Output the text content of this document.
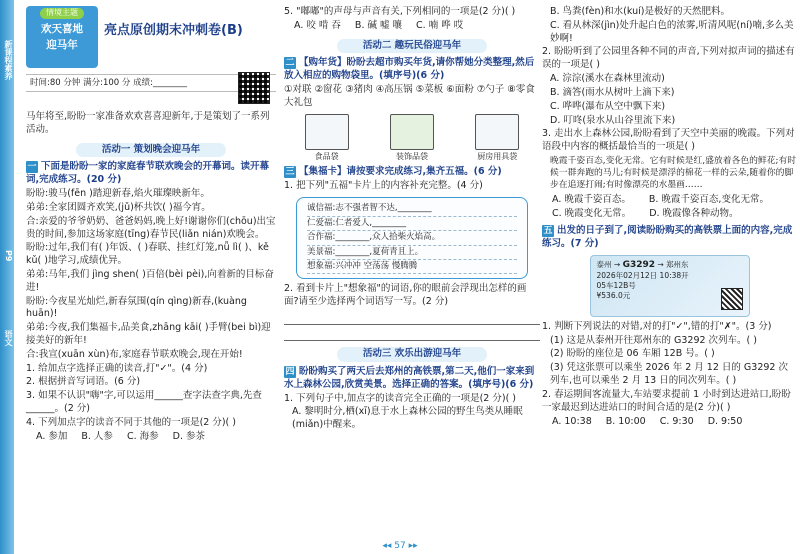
新课程素养
P9
语文
情境主题
欢天喜地
迎马年
亮点原创期末冲刺卷(B)
时间:80 分钟 满分:100 分 成绩:________

马年将至,盼盼一家准备欢欢喜喜迎新年,于是策划了一系列活动。

活动一 策划晚会迎马年
一 下面是盼盼一家的家庭春节联欢晚会的开幕词。读开幕词,完成练习。(20 分)

盼盼:骏马(fēn )踏迎新春,焰火璀璨映新年。

弟弟:全家团圆齐欢笑,(jǔ)杯共饮( )福今宵。

合:亲爱的爷爷奶奶、爸爸妈妈,晚上好!谢谢你们(chōu)出宝贵的时间,参加这场家庭(tīng)春节民(liǎn nián)欢晚会。

盼盼:过年,我们有( )年饭、( )春联、挂红灯笼,nǚ lì( )、kě kǔ( )地学习,成绩优异。

弟弟:马年,我们 jìng shen( )百倍(bèi pèi),向着新的目标奋进!

盼盼:今夜星光灿烂,新春氛围(qín qìng)新春,(kuàng huān)!

弟弟:今夜,我们集福卡,品美食,zhāng kāi( )手臂(bei bì)迎接美好的新年!

合:我宣(xuān xùn)布,家庭春节联欢晚会,现在开始!

1. 给加点字选择正确的读音,打"✓"。(4 分)

2. 根据拼音写词语。(6 分)

3. 如果不认识"嗨"字,可以运用______查字法查字典,先查______。(2 分)

4. 下列加点字的读音不同于其他的一项是(2 分)( )

A. 参加 B. 人参 C. 海参 D. 参茶

5. "嘟嘟"的声母与声音有关,下列相同的一项是(2 分)( )

A. 咬 啃 吞 B. 碱 嘘 嚷 C. 喃 哗 哎
活动二 趣玩民俗迎马年
二 【购年货】盼盼去超市购买年货,请你帮她分类整理,然后放入相应的购物袋里。(填序号)(6 分)

①对联 ②窗花 ③猪肉 ④高压锅 ⑤菜板 ⑥面粉 ⑦勺子 ⑧零食大礼包

食品袋	装饰品袋	厨房用具袋
三 【集福卡】请按要求完成练习,集齐五福。(6 分)

1. 把下列"五福"卡片上的内容补充完整。(4 分)

诚信福:志不强者智不达,________
仁爱福:仁者爱人,________
合作福:________,众人拾柴火焰高。
美景福:________,夏荷青且上。
想象福:兴冲冲 空荡荡 慢腾腾

2. 看到卡片上"想象福"的词语,你的眼前会浮现出怎样的画面?请至少选择两个词语写一写。(2 分)

活动三 欢乐出游迎马年
四 盼盼购买了两天后去郑州的高铁票,第二天,他们一家来到水上森林公园,欣赏美景。选择正确的答案。(填序号)(6 分)

1. 下列句子中,加点字的读音完全正确的一项是(2 分)( )

A. 黎明时分,栖(xī)息于水上森林公园的野生鸟类从睡眠(miǎn)中醒来。

B. 鸟粪(fèn)和水(kuí)是极好的天然肥料。

C. 看从林深(jìn)处升起白色的浓雾,听清风呢(ní)喃,多么美妙啊!

2. 盼盼听到了公园里各种不同的声音,下列对拟声词的描述有误的一项是( )

A. 淙淙(溪水在森林里流动)

B. 滴答(雨水从树叶上滴下来)

C. 哗哗(瀑布从空中飘下来)

D. 叮咚(泉水从山谷里流下来)

3. 走出水上森林公园,盼盼看到了天空中美丽的晚霞。下列对语段中内容的概括最恰当的一项是( )

晚霞千姿百态,变化无常。它有时候是红,盛放着各色的鲜花;有时候一群奔跑的马儿;有时候是漂浮的棉花一样的云朵,随着你的脚步在追逐打闹;有时像漂亮的水墨画……

A. 晚霞千姿百态。 B. 晚霞千姿百态,变化无常。
C. 晚霞变化无常。 D. 晚霞像各种动物。
五 出发的日子到了,阅读盼盼购买的高铁票上面的内容,完成练习。(7 分)
泰州 → G3292 → 郑州东
2026年02月12日 10:38开
05车12B号
¥536.0元

1. 判断下列说法的对错,对的打"✓",错的打"✗"。(3 分)

(1) 这是从泰州开往郑州东的 G3292 次列车。( )

(2) 盼盼的座位是 06 车厢 12B 号。( )

(3) 凭这张票可以乘坐 2026 年 2 月 12 日的 G3292 次列车,也可以乘坐 2 月 13 日的同次列车。( )

2. 春运期间客流量大,车站要求提前 1 小时到达进站口,盼盼一家最迟到达进站口的时间合适的是(2 分)( )

A. 10:38 B. 10:00 C. 9:30 D. 9:50
◂◂ 57 ▸▸
